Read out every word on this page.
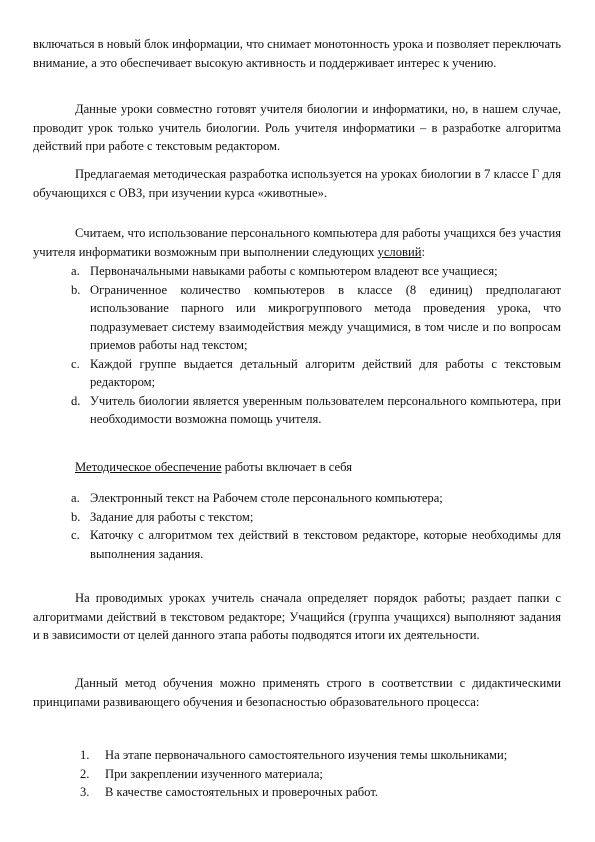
включаться в новый блок информации, что снимает монотонность урока и позволяет переключать внимание, а это обеспечивает высокую активность и поддерживает интерес к учению.

Данные уроки совместно готовят учителя биологии и информатики, но, в нашем случае, проводит урок только учитель биологии. Роль учителя информатики – в разработке алгоритма действий при работе с текстовым редактором.

Предлагаемая методическая разработка используется на уроках биологии в 7 классе Г для обучающихся с ОВЗ, при изучении курса «животные».

Считаем, что использование персонального компьютера для работы учащихся без участия учителя информатики возможным при выполнении следующих условий:

a. Первоначальными навыками работы с компьютером владеют все учащиеся;
b. Ограниченное количество компьютеров в классе (8 единиц) предполагают использование парного или микрогруппового метода проведения урока, что подразумевает систему взаимодействия между учащимися, в том числе и по вопросам приемов работы над текстом;
c. Каждой группе выдается детальный алгоритм действий для работы с текстовым редактором;
d. Учитель биологии является уверенным пользователем персонального компьютера, при необходимости возможна помощь учителя.

Методическое обеспечение работы включает в себя

a. Электронный текст на Рабочем столе персонального компьютера;
b. Задание для работы с текстом;
c. Каточку с алгоритмом тех действий в текстовом редакторе, которые необходимы для выполнения задания.

На проводимых уроках учитель сначала определяет порядок работы; раздает папки с алгоритмами действий в текстовом редакторе; Учащийся (группа учащихся) выполняют задания и в зависимости от целей данного этапа работы подводятся итоги их деятельности.

Данный метод обучения можно применять строго в соответствии с дидактическими принципами развивающего обучения и безопасностью образовательного процесса:

1. На этапе первоначального самостоятельного изучения темы школьниками;
2. При закреплении изученного материала;
3. В качестве самостоятельных и проверочных работ.
